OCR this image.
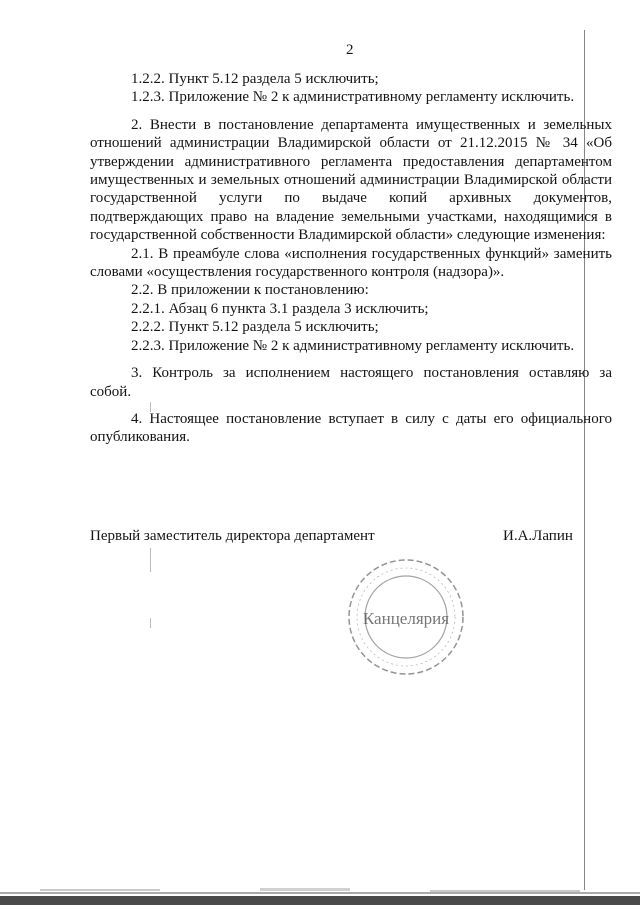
2

1.2.2. Пункт 5.12 раздела 5 исключить;

1.2.3. Приложение № 2 к административному регламенту исключить.

2. Внести в постановление департамента имущественных и земельных отношений администрации Владимирской области от 21.12.2015 № 34 «Об утверждении административного регламента предоставления департаментом имущественных и земельных отношений администрации Владимирской области государственной услуги по выдаче копий архивных документов, подтверждающих право на владение земельными участками, находящимися в государственной собственности Владимирской области» следующие изменения:

2.1. В преамбуле слова «исполнения государственных функций» заменить словами «осуществления государственного контроля (надзора)».

2.2. В приложении к постановлению:

2.2.1. Абзац 6 пункта 3.1 раздела 3 исключить;

2.2.2. Пункт 5.12 раздела 5 исключить;

2.2.3. Приложение № 2 к административному регламенту исключить.

3. Контроль за исполнением настоящего постановления оставляю за собой.

4. Настоящее постановление вступает в силу с даты его официального опубликования.

Первый заместитель директора департамент	И.А.Лапин
Канцелярия
